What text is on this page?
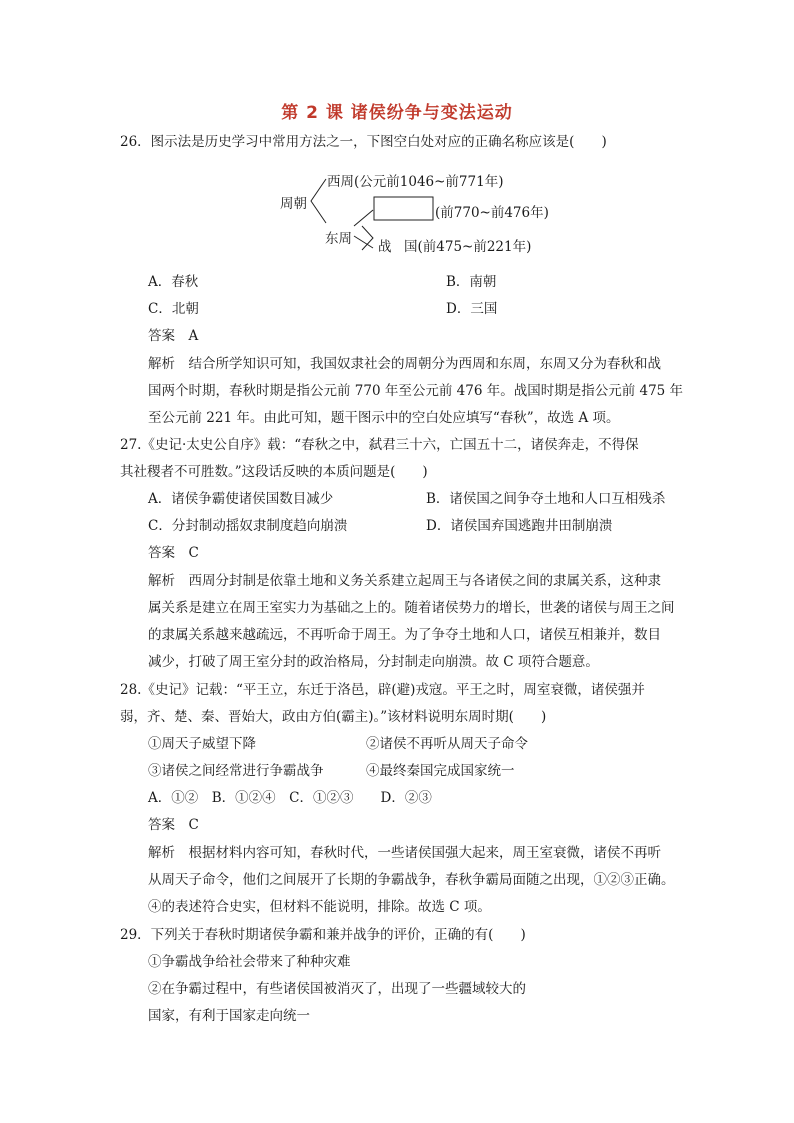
第 2 课 诸侯纷争与变法运动
26．图示法是历史学习中常用方法之一，下图空白处对应的正确名称应该是(　　)
周朝
西周(公元前1046~前771年)
东周
(前770~前476年)
战 国(前475~前221年)
A．春秋	B．南朝
C．北朝	D．三国
答案　A
解析　结合所学知识可知，我国奴隶社会的周朝分为西周和东周，东周又分为春秋和战
国两个时期，春秋时期是指公元前 770 年至公元前 476 年。战国时期是指公元前 475 年
至公元前 221 年。由此可知，题干图示中的空白处应填写“春秋”，故选 A 项。
27.《史记·太史公自序》载：“春秋之中，弑君三十六，亡国五十二，诸侯奔走，不得保
其社稷者不可胜数。”这段话反映的本质问题是(　　)
A．诸侯争霸使诸侯国数目减少	B．诸侯国之间争夺土地和人口互相残杀
C．分封制动摇奴隶制度趋向崩溃	D．诸侯国弃国逃跑井田制崩溃
答案　C
解析　西周分封制是依靠土地和义务关系建立起周王与各诸侯之间的隶属关系，这种隶
属关系是建立在周王室实力为基础之上的。随着诸侯势力的增长，世袭的诸侯与周王之间
的隶属关系越来越疏远，不再听命于周王。为了争夺土地和人口，诸侯互相兼并，数目
减少，打破了周王室分封的政治格局，分封制走向崩溃。故 C 项符合题意。
28.《史记》记载：“平王立，东迁于洛邑，辟(避)戎寇。平王之时，周室衰微，诸侯强并
弱，齐、楚、秦、晋始大，政由方伯(霸主)。”该材料说明东周时期(　　)
①周天子威望下降	②诸侯不再听从周天子命令
③诸侯之间经常进行争霸战争	④最终秦国完成国家统一
A．①②　B．①②④　C．①②③　　D．②③
答案　C
解析　根据材料内容可知，春秋时代，一些诸侯国强大起来，周王室衰微，诸侯不再听
从周天子命令，他们之间展开了长期的争霸战争，春秋争霸局面随之出现，①②③正确。
④的表述符合史实，但材料不能说明，排除。故选 C 项。
29．下列关于春秋时期诸侯争霸和兼并战争的评价，正确的有(　　)
①争霸战争给社会带来了种种灾难
②在争霸过程中，有些诸侯国被消灭了，出现了一些疆域较大的
国家，有利于国家走向统一
